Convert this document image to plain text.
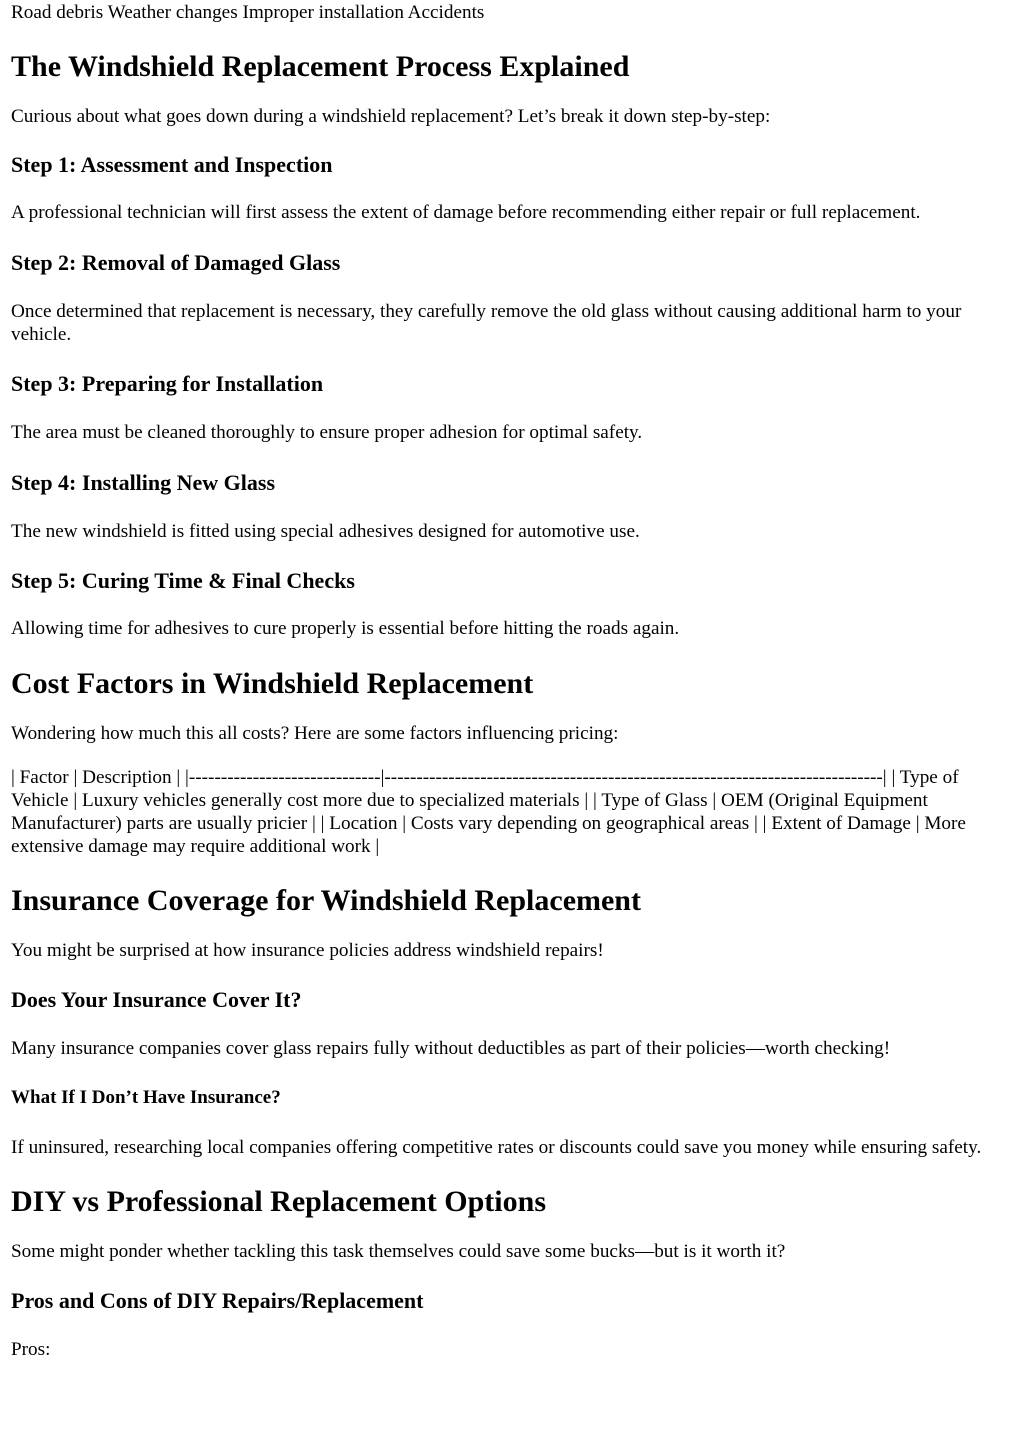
Road debris Weather changes Improper installation Accidents

The Windshield Replacement Process Explained

Curious about what goes down during a windshield replacement? Let’s break it down step-by-step:

Step 1: Assessment and Inspection

A professional technician will first assess the extent of damage before recommending either repair or full replacement.

Step 2: Removal of Damaged Glass

Once determined that replacement is necessary, they carefully remove the old glass without causing additional harm to your vehicle.

Step 3: Preparing for Installation

The area must be cleaned thoroughly to ensure proper adhesion for optimal safety.

Step 4: Installing New Glass

The new windshield is fitted using special adhesives designed for automotive use.

Step 5: Curing Time & Final Checks

Allowing time for adhesives to cure properly is essential before hitting the roads again.

Cost Factors in Windshield Replacement

Wondering how much this all costs? Here are some factors influencing pricing:

| Factor | Description | |------------------------------|------------------------------------------------------------------------------| | Type of Vehicle | Luxury vehicles generally cost more due to specialized materials | | Type of Glass | OEM (Original Equipment Manufacturer) parts are usually pricier | | Location | Costs vary depending on geographical areas | | Extent of Damage | More extensive damage may require additional work |

Insurance Coverage for Windshield Replacement

You might be surprised at how insurance policies address windshield repairs!

Does Your Insurance Cover It?

Many insurance companies cover glass repairs fully without deductibles as part of their policies—worth checking!

What If I Don’t Have Insurance?

If uninsured, researching local companies offering competitive rates or discounts could save you money while ensuring safety.

DIY vs Professional Replacement Options

Some might ponder whether tackling this task themselves could save some bucks—but is it worth it?

Pros and Cons of DIY Repairs/Replacement

Pros:
